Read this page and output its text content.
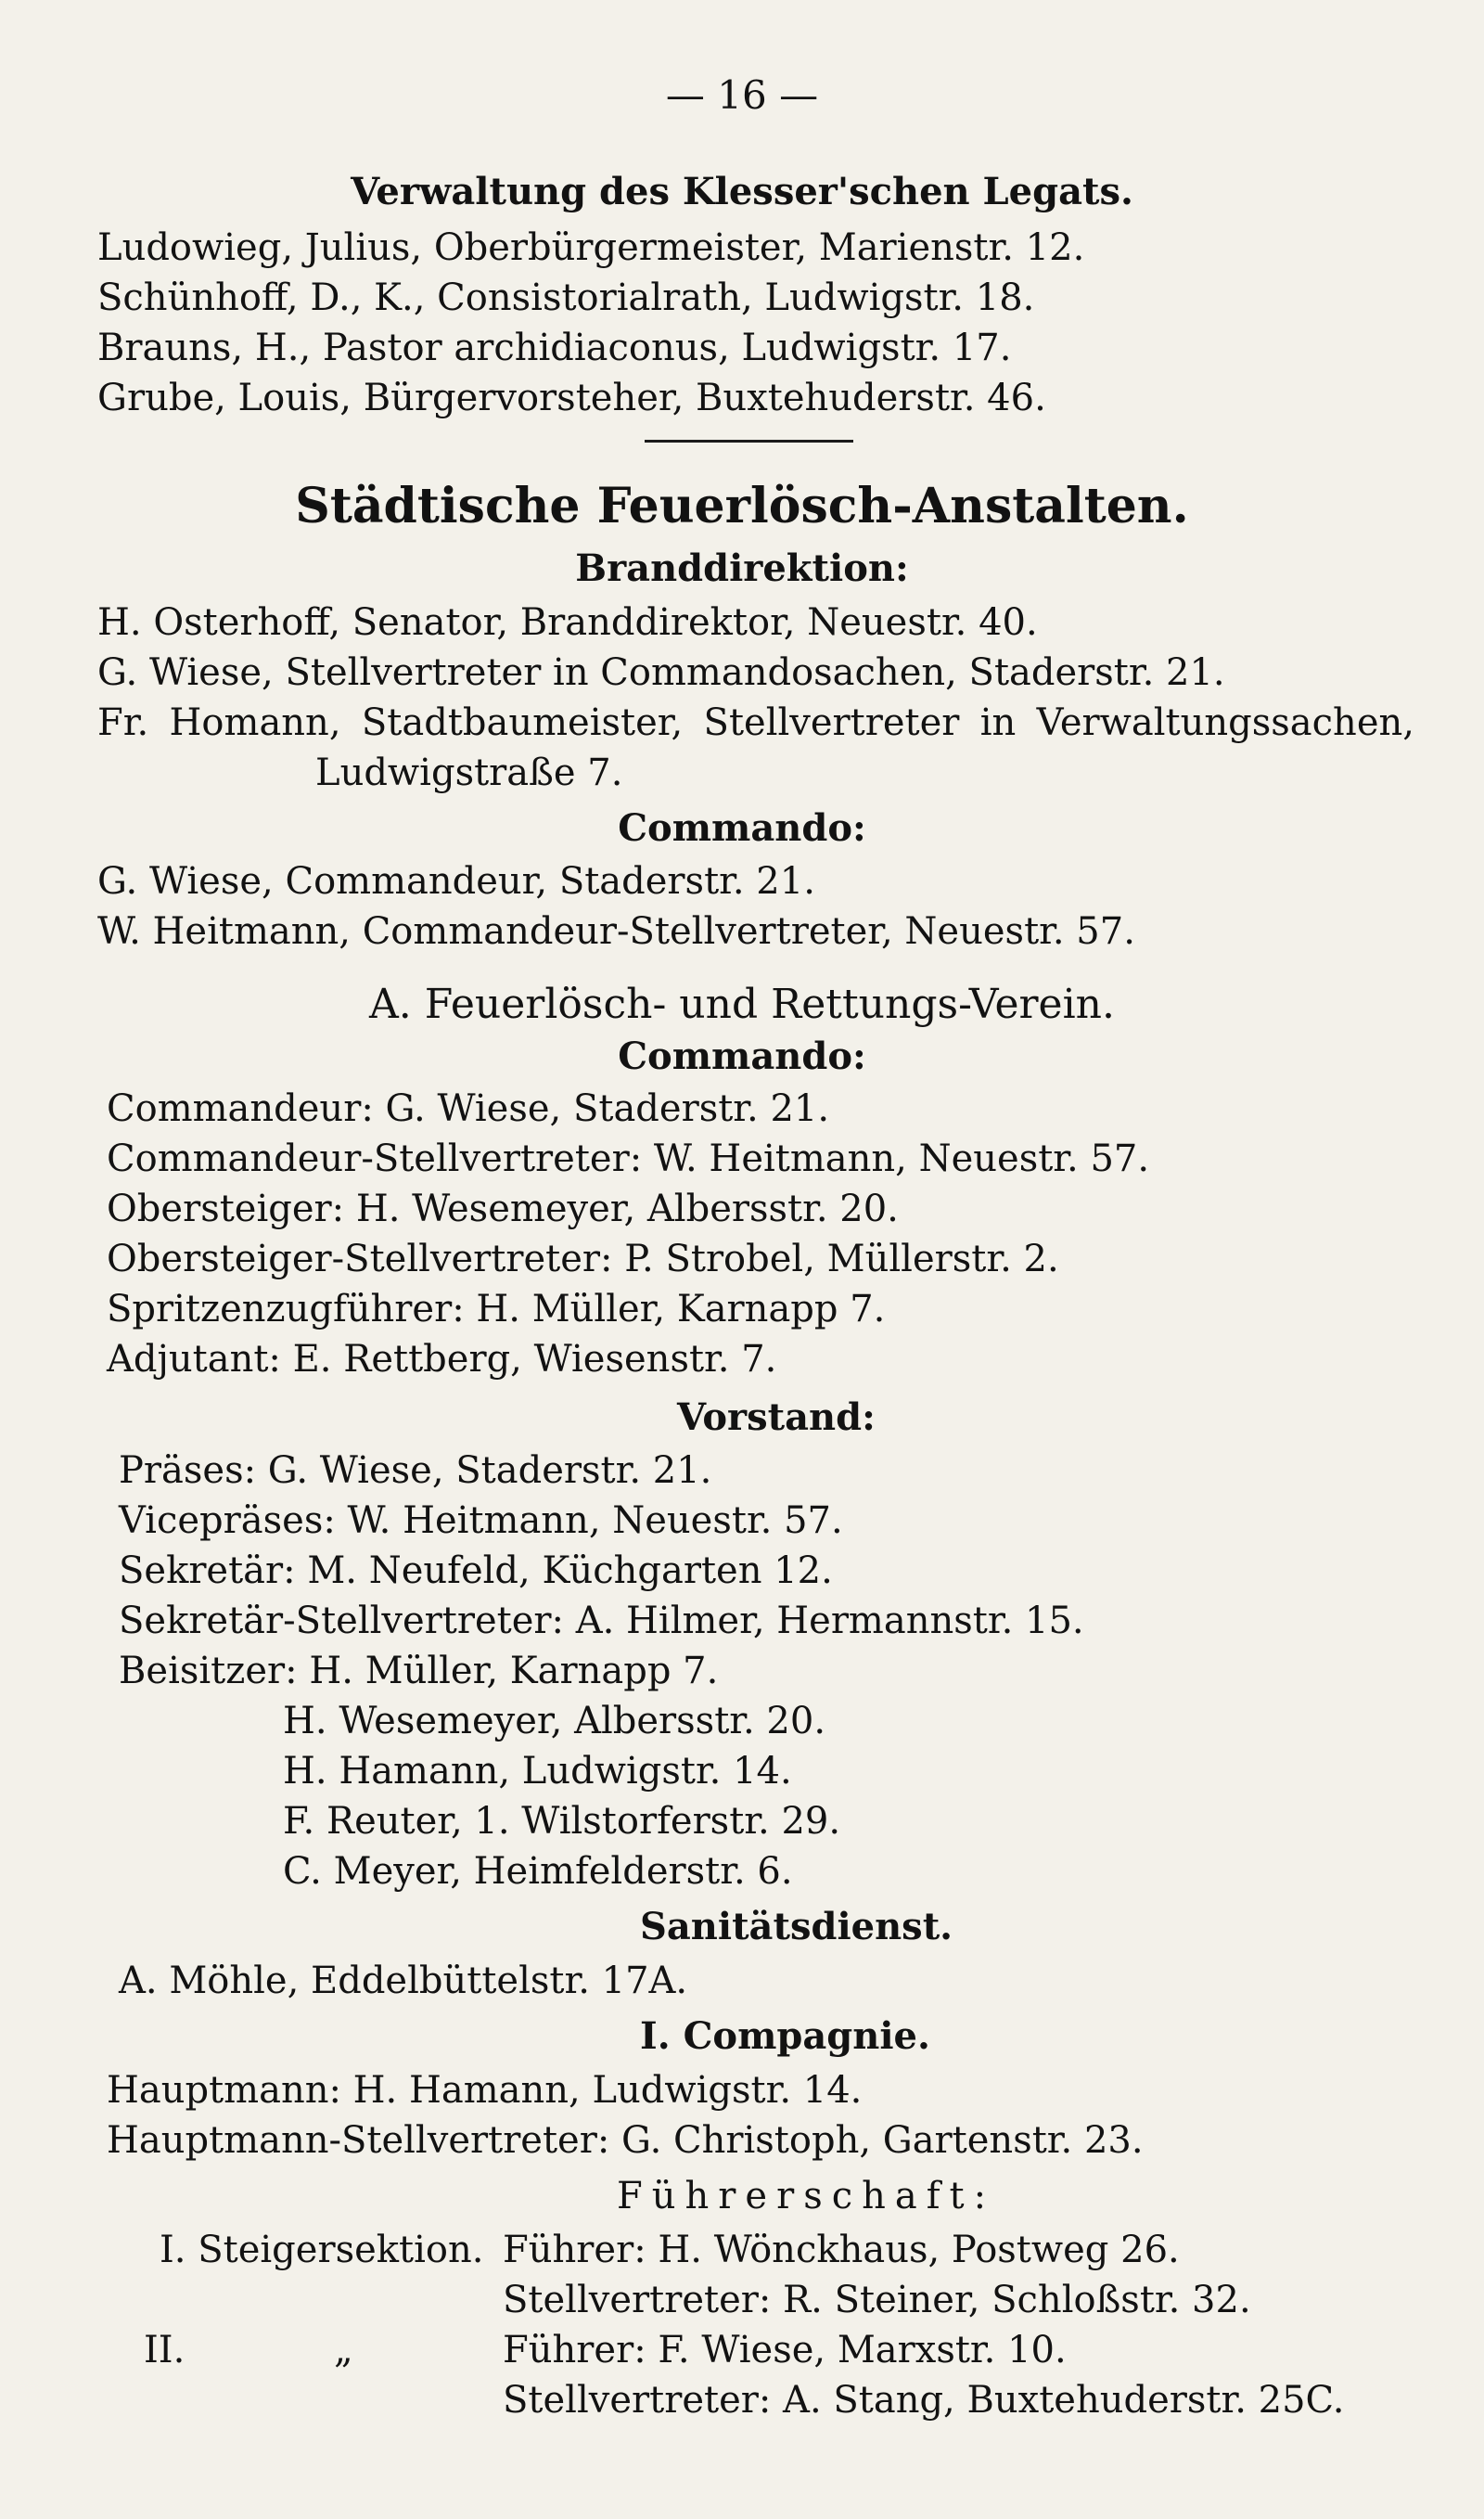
— 16 —

Verwaltung des Klesser'schen Legats.

Ludowieg, Julius, Oberbürgermeister, Marienstr. 12.

Schünhoff, D., K., Consistorialrath, Ludwigstr. 18.

Brauns, H., Pastor archidiaconus, Ludwigstr. 17.

Grube, Louis, Bürgervorsteher, Buxtehuderstr. 46.

Städtische Feuerlösch-Anstalten.

Branddirektion:

H. Osterhoff, Senator, Branddirektor, Neuestr. 40.

G. Wiese, Stellvertreter in Commandosachen, Staderstr. 21.

Fr. Homann, Stadtbaumeister, Stellvertreter in Verwaltungssachen,

Ludwigstraße 7.

Commando:

G. Wiese, Commandeur, Staderstr. 21.

W. Heitmann, Commandeur-Stellvertreter, Neuestr. 57.

A. Feuerlösch- und Rettungs-Verein.

Commando:

Commandeur: G. Wiese, Staderstr. 21.

Commandeur-Stellvertreter: W. Heitmann, Neuestr. 57.

Obersteiger: H. Wesemeyer, Albersstr. 20.

Obersteiger-Stellvertreter: P. Strobel, Müllerstr. 2.

Spritzenzugführer: H. Müller, Karnapp 7.

Adjutant: E. Rettberg, Wiesenstr. 7.

Vorstand:

Präses: G. Wiese, Staderstr. 21.

Vicepräses: W. Heitmann, Neuestr. 57.

Sekretär: M. Neufeld, Küchgarten 12.

Sekretär-Stellvertreter: A. Hilmer, Hermannstr. 15.

Beisitzer: H. Müller, Karnapp 7.

H. Wesemeyer, Albersstr. 20.

H. Hamann, Ludwigstr. 14.

F. Reuter, 1. Wilstorferstr. 29.

C. Meyer, Heimfelderstr. 6.

Sanitätsdienst.

A. Möhle, Eddelbüttelstr. 17A.

I. Compagnie.

Hauptmann: H. Hamann, Ludwigstr. 14.

Hauptmann-Stellvertreter: G. Christoph, Gartenstr. 23.

Führerschaft:

I. Steigersektion. Führer: H. Wönckhaus, Postweg 26.

Stellvertreter: R. Steiner, Schloßstr. 32.

II.	„	Führer: F. Wiese, Marxstr. 10.

Stellvertreter: A. Stang, Buxtehuderstr. 25C.
